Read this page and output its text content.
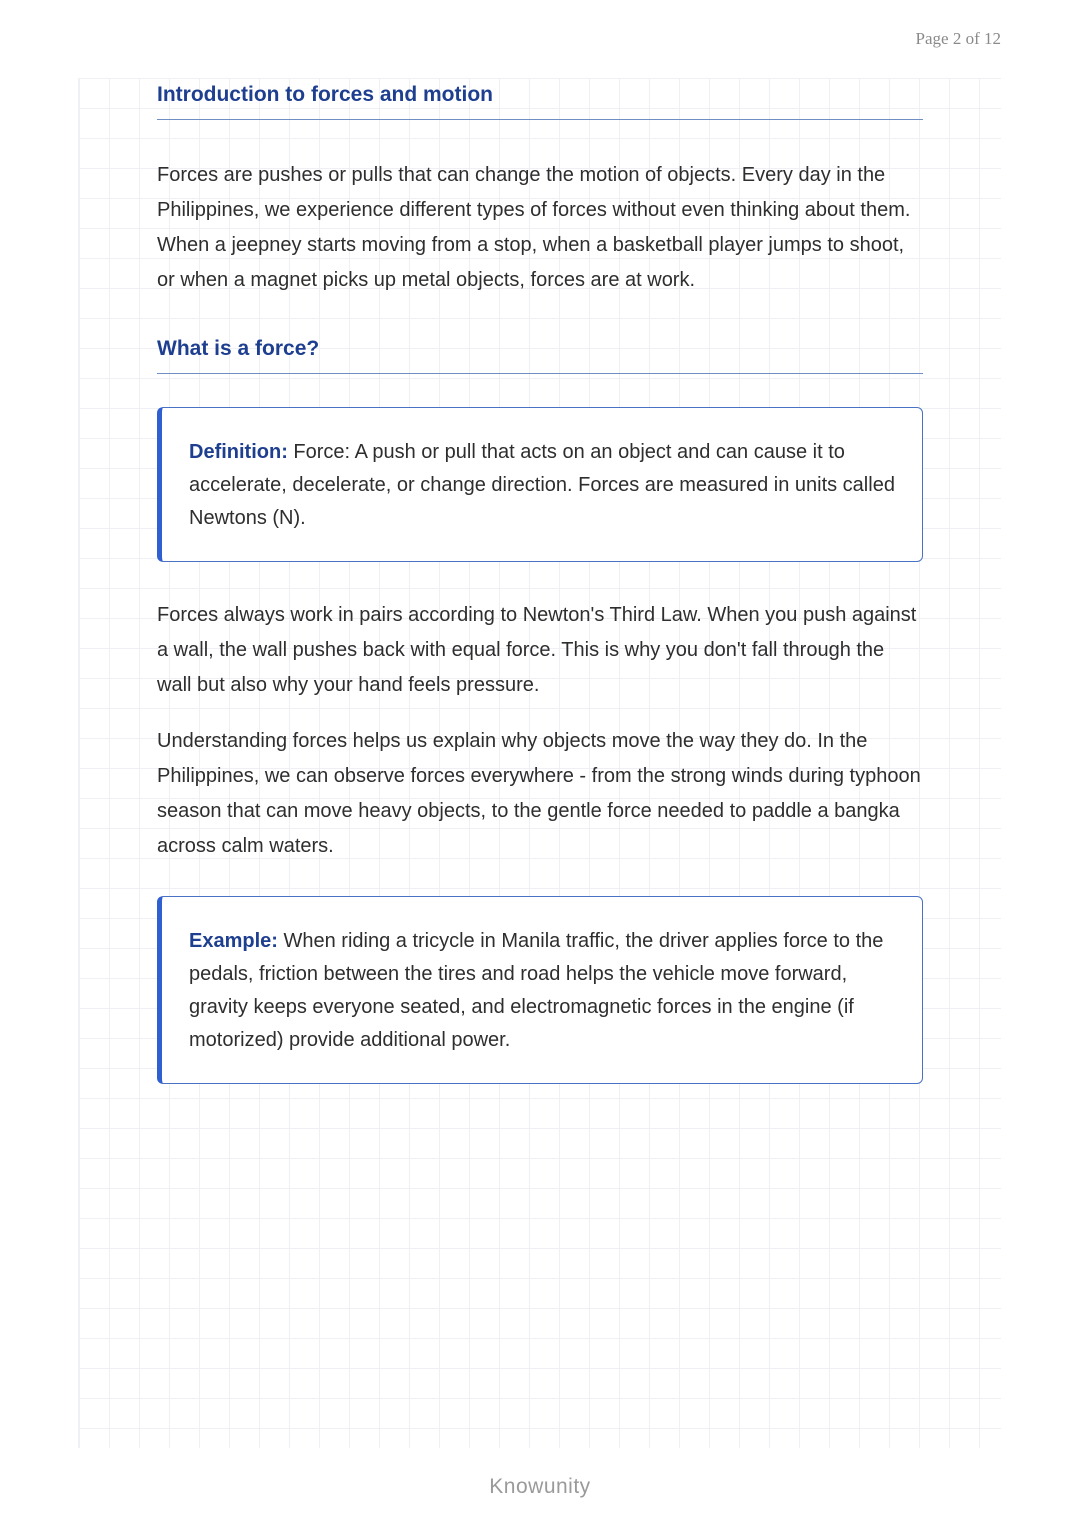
Page 2 of 12
Introduction to forces and motion

Forces are pushes or pulls that can change the motion of objects. Every day in the Philippines, we experience different types of forces without even thinking about them. When a jeepney starts moving from a stop, when a basketball player jumps to shoot, or when a magnet picks up metal objects, forces are at work.

What is a force?
Definition: Force: A push or pull that acts on an object and can cause it to accelerate, decelerate, or change direction. Forces are measured in units called Newtons (N).

Forces always work in pairs according to Newton's Third Law. When you push against a wall, the wall pushes back with equal force. This is why you don't fall through the wall but also why your hand feels pressure.

Understanding forces helps us explain why objects move the way they do. In the Philippines, we can observe forces everywhere - from the strong winds during typhoon season that can move heavy objects, to the gentle force needed to paddle a bangka across calm waters.

Example: When riding a tricycle in Manila traffic, the driver applies force to the pedals, friction between the tires and road helps the vehicle move forward, gravity keeps everyone seated, and electromagnetic forces in the engine (if motorized) provide additional power.
Knowunity
